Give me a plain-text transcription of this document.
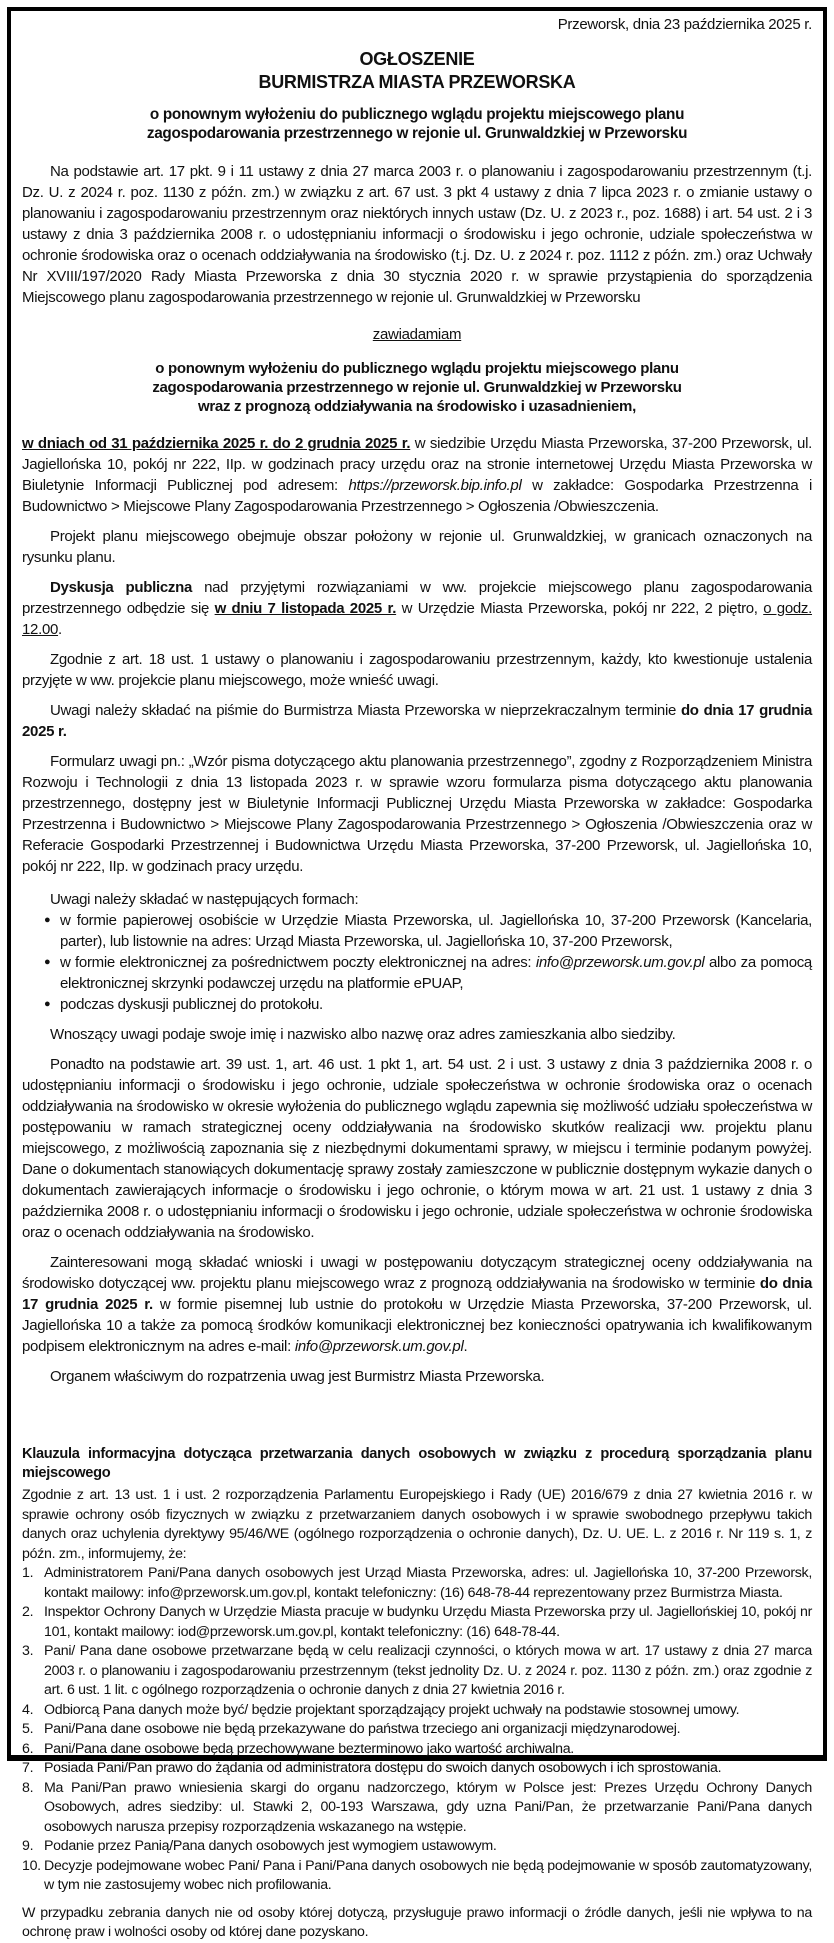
Przeworsk, dnia 23 października 2025 r.
OGŁOSZENIE
BURMISTRZA MIASTA PRZEWORSKA
o ponownym wyłożeniu do publicznego wglądu projektu miejscowego planu
zagospodarowania przestrzennego w rejonie ul. Grunwaldzkiej w Przeworsku

Na podstawie art. 17 pkt. 9 i 11 ustawy z dnia 27 marca 2003 r. o planowaniu i zagospodarowaniu przestrzennym (t.j. Dz. U. z 2024 r. poz. 1130 z późn. zm.) w związku z art. 67 ust. 3 pkt 4 ustawy z dnia 7 lipca 2023 r. o zmianie ustawy o planowaniu i zagospodarowaniu przestrzennym oraz niektórych innych ustaw (Dz. U. z 2023 r., poz. 1688) i art. 54 ust. 2 i 3 ustawy z dnia 3 października 2008 r. o udostępnianiu informacji o środowisku i jego ochronie, udziale społeczeństwa w ochronie środowiska oraz o ocenach oddziaływania na środowisko (t.j. Dz. U. z 2024 r. poz. 1112 z późn. zm.) oraz Uchwały Nr XVIII/197/2020 Rady Miasta Przeworska z dnia 30 stycznia 2020 r. w sprawie przystąpienia do sporządzenia Miejscowego planu zagospodarowania przestrzennego w rejonie ul. Grunwaldzkiej w Przeworsku

zawiadamiam
o ponownym wyłożeniu do publicznego wglądu projektu miejscowego planu
zagospodarowania przestrzennego w rejonie ul. Grunwaldzkiej w Przeworsku
wraz z prognozą oddziaływania na środowisko i uzasadnieniem,

w dniach od 31 października 2025 r. do 2 grudnia 2025 r. w siedzibie Urzędu Miasta Przeworska, 37-200 Przeworsk, ul. Jagiellońska 10, pokój nr 222, IIp. w godzinach pracy urzędu oraz na stronie internetowej Urzędu Miasta Przeworska w Biuletynie Informacji Publicznej pod adresem: https://przeworsk.bip.info.pl w zakładce: Gospodarka Przestrzenna i Budownictwo > Miejscowe Plany Zagospodarowania Przestrzennego > Ogłoszenia /Obwieszczenia.

Projekt planu miejscowego obejmuje obszar położony w rejonie ul. Grunwaldzkiej, w granicach oznaczonych na rysunku planu.

Dyskusja publiczna nad przyjętymi rozwiązaniami w ww. projekcie miejscowego planu zagospodarowania przestrzennego odbędzie się w dniu 7 listopada 2025 r. w Urzędzie Miasta Przeworska, pokój nr 222, 2 piętro, o godz. 12.00.

Zgodnie z art. 18 ust. 1 ustawy o planowaniu i zagospodarowaniu przestrzennym, każdy, kto kwestionuje ustalenia przyjęte w ww. projekcie planu miejscowego, może wnieść uwagi.

Uwagi należy składać na piśmie do Burmistrza Miasta Przeworska w nieprzekraczalnym terminie do dnia 17 grudnia 2025 r.

Formularz uwagi pn.: „Wzór pisma dotyczącego aktu planowania przestrzennego”, zgodny z Rozporządzeniem Ministra Rozwoju i Technologii z dnia 13 listopada 2023 r. w sprawie wzoru formularza pisma dotyczącego aktu planowania przestrzennego, dostępny jest w Biuletynie Informacji Publicznej Urzędu Miasta Przeworska w zakładce: Gospodarka Przestrzenna i Budownictwo > Miejscowe Plany Zagospodarowania Przestrzennego > Ogłoszenia /Obwieszczenia oraz w Referacie Gospodarki Przestrzennej i Budownictwa Urzędu Miasta Przeworska, 37-200 Przeworsk, ul. Jagiellońska 10, pokój nr 222, IIp. w godzinach pracy urzędu.

Uwagi należy składać w następujących formach:

● w formie papierowej osobiście w Urzędzie Miasta Przeworska, ul. Jagiellońska 10, 37-200 Przeworsk (Kancelaria, parter), lub listownie na adres: Urząd Miasta Przeworska, ul. Jagiellońska 10, 37-200 Przeworsk,
● w formie elektronicznej za pośrednictwem poczty elektronicznej na adres: info@przeworsk.um.gov.pl albo za pomocą elektronicznej skrzynki podawczej urzędu na platformie ePUAP,
● podczas dyskusji publicznej do protokołu.

Wnoszący uwagi podaje swoje imię i nazwisko albo nazwę oraz adres zamieszkania albo siedziby.

Ponadto na podstawie art. 39 ust. 1, art. 46 ust. 1 pkt 1, art. 54 ust. 2 i ust. 3 ustawy z dnia 3 października 2008 r. o udostępnianiu informacji o środowisku i jego ochronie, udziale społeczeństwa w ochronie środowiska oraz o ocenach oddziaływania na środowisko w okresie wyłożenia do publicznego wglądu zapewnia się możliwość udziału społeczeństwa w postępowaniu w ramach strategicznej oceny oddziaływania na środowisko skutków realizacji ww. projektu planu miejscowego, z możliwością zapoznania się z niezbędnymi dokumentami sprawy, w miejscu i terminie podanym powyżej. Dane o dokumentach stanowiących dokumentację sprawy zostały zamieszczone w publicznie dostępnym wykazie danych o dokumentach zawierających informacje o środowisku i jego ochronie, o którym mowa w art. 21 ust. 1 ustawy z dnia 3 października 2008 r. o udostępnianiu informacji o środowisku i jego ochronie, udziale społeczeństwa w ochronie środowiska oraz o ocenach oddziaływania na środowisko.

Zainteresowani mogą składać wnioski i uwagi w postępowaniu dotyczącym strategicznej oceny oddziaływania na środowisko dotyczącej ww. projektu planu miejscowego wraz z prognozą oddziaływania na środowisko w terminie do dnia 17 grudnia 2025 r. w formie pisemnej lub ustnie do protokołu w Urzędzie Miasta Przeworska, 37-200 Przeworsk, ul. Jagiellońska 10 a także za pomocą środków komunikacji elektronicznej bez konieczności opatrywania ich kwalifikowanym podpisem elektronicznym na adres e-mail: info@przeworsk.um.gov.pl.

Organem właściwym do rozpatrzenia uwag jest Burmistrz Miasta Przeworska.

Klauzula informacyjna dotycząca przetwarzania danych osobowych w związku z procedurą sporządzania planu miejscowego
Zgodnie z art. 13 ust. 1 i ust. 2 rozporządzenia Parlamentu Europejskiego i Rady (UE) 2016/679 z dnia 27 kwietnia 2016 r. w sprawie ochrony osób fizycznych w związku z przetwarzaniem danych osobowych i w sprawie swobodnego przepływu takich danych oraz uchylenia dyrektywy 95/46/WE (ogólnego rozporządzenia o ochronie danych), Dz. U. UE. L. z 2016 r. Nr 119 s. 1, z późn. zm., informujemy, że:
1. Administratorem Pani/Pana danych osobowych jest Urząd Miasta Przeworska, adres: ul. Jagiellońska 10, 37-200 Przeworsk, kontakt mailowy: info@przeworsk.um.gov.pl, kontakt telefoniczny: (16) 648-78-44 reprezentowany przez Burmistrza Miasta.
2. Inspektor Ochrony Danych w Urzędzie Miasta pracuje w budynku Urzędu Miasta Przeworska przy ul. Jagiellońskiej 10, pokój nr 101, kontakt mailowy: iod@przeworsk.um.gov.pl, kontakt telefoniczny: (16) 648-78-44.
3. Pani/ Pana dane osobowe przetwarzane będą w celu realizacji czynności, o których mowa w art. 17 ustawy z dnia 27 marca 2003 r. o planowaniu i zagospodarowaniu przestrzennym (tekst jednolity Dz. U. z 2024 r. poz. 1130 z późn. zm.) oraz zgodnie z art. 6 ust. 1 lit. c ogólnego rozporządzenia o ochronie danych z dnia 27 kwietnia 2016 r.
4. Odbiorcą Pana danych może być/ będzie projektant sporządzający projekt uchwały na podstawie stosownej umowy.
5. Pani/Pana dane osobowe nie będą przekazywane do państwa trzeciego ani organizacji międzynarodowej.
6. Pani/Pana dane osobowe będą przechowywane bezterminowo jako wartość archiwalna.
7. Posiada Pani/Pan prawo do żądania od administratora dostępu do swoich danych osobowych i ich sprostowania.
8. Ma Pani/Pan prawo wniesienia skargi do organu nadzorczego, którym w Polsce jest: Prezes Urzędu Ochrony Danych Osobowych, adres siedziby: ul. Stawki 2, 00-193 Warszawa, gdy uzna Pani/Pan, że przetwarzanie Pani/Pana danych osobowych narusza przepisy rozporządzenia wskazanego na wstępie.
9. Podanie przez Panią/Pana danych osobowych jest wymogiem ustawowym.
10. Decyzje podejmowane wobec Pani/ Pana i Pani/Pana danych osobowych nie będą podejmowanie w sposób zautomatyzowany, w tym nie zastosujemy wobec nich profilowania.
W przypadku zebrania danych nie od osoby której dotyczą, przysługuje prawo informacji o źródle danych, jeśli nie wpływa to na ochronę praw i wolności osoby od której dane pozyskano.
